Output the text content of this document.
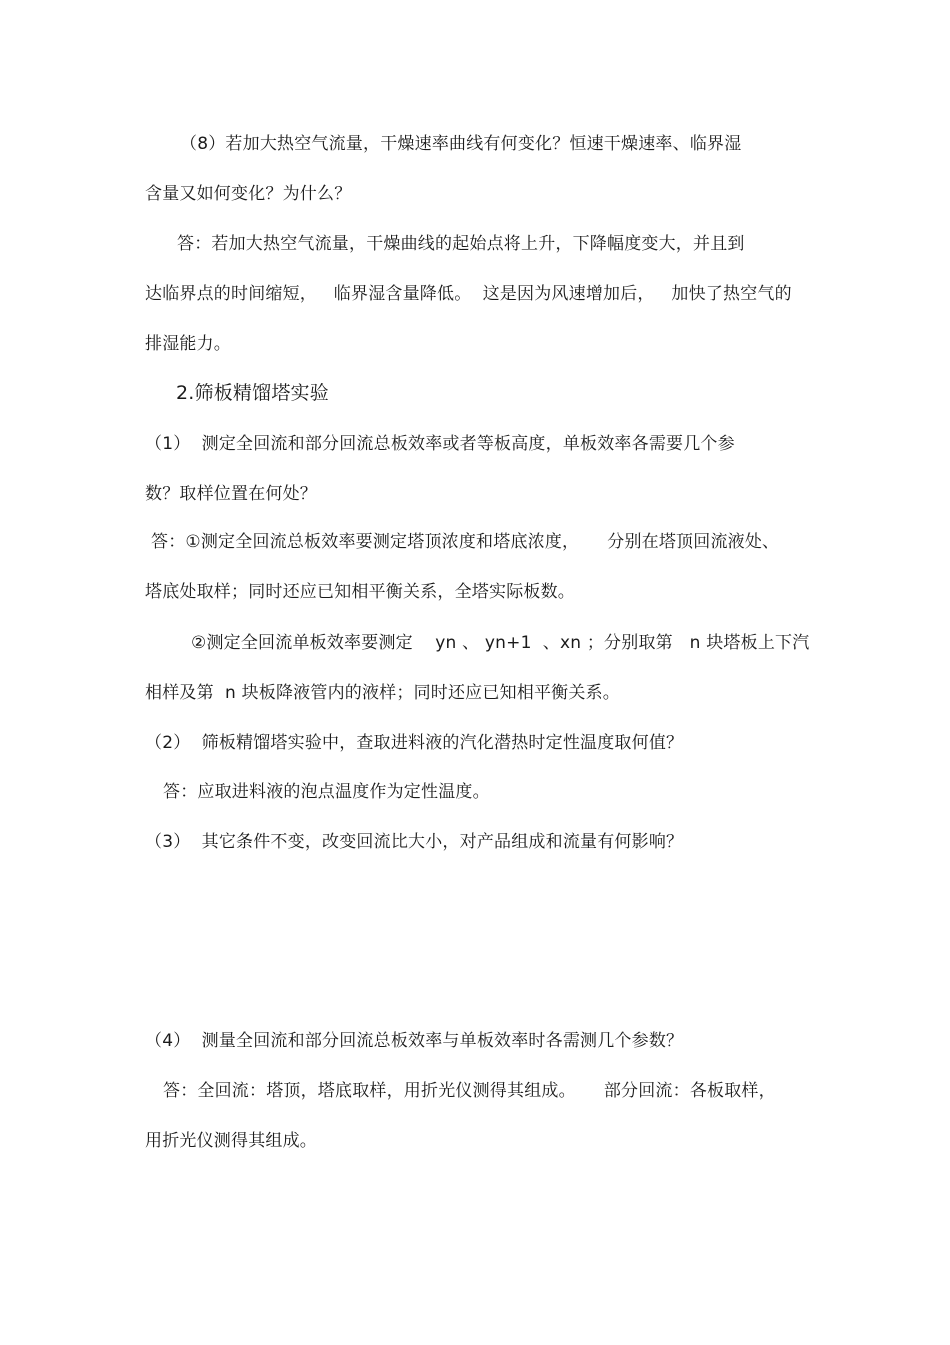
（8）若加大热空气流量，干燥速率曲线有何变化？恒速干燥速率、临界湿
含量又如何变化？为什么？
答：若加大热空气流量，干燥曲线的起始点将上升，下降幅度变大，并且到
达临界点的时间缩短，   临界湿含量降低。  这是因为风速增加后，   加快了热空气的
排湿能力。
2.筛板精馏塔实验
（1）  测定全回流和部分回流总板效率或者等板高度，单板效率各需要几个参
数？取样位置在何处？
答：①测定全回流总板效率要测定塔顶浓度和塔底浓度，     分别在塔顶回流液处、
塔底处取样；同时还应已知相平衡关系，全塔实际板数。
②测定全回流单板效率要测定    yn 、 yn+1  、xn ；分别取第   n 块塔板上下汽
相样及第  n 块板降液管内的液样；同时还应已知相平衡关系。
（2）  筛板精馏塔实验中，查取进料液的汽化潜热时定性温度取何值？
答：应取进料液的泡点温度作为定性温度。
（3）  其它条件不变，改变回流比大小，对产品组成和流量有何影响？
（4）  测量全回流和部分回流总板效率与单板效率时各需测几个参数？
答：全回流：塔顶，塔底取样，用折光仪测得其组成。     部分回流：各板取样，
用折光仪测得其组成。
